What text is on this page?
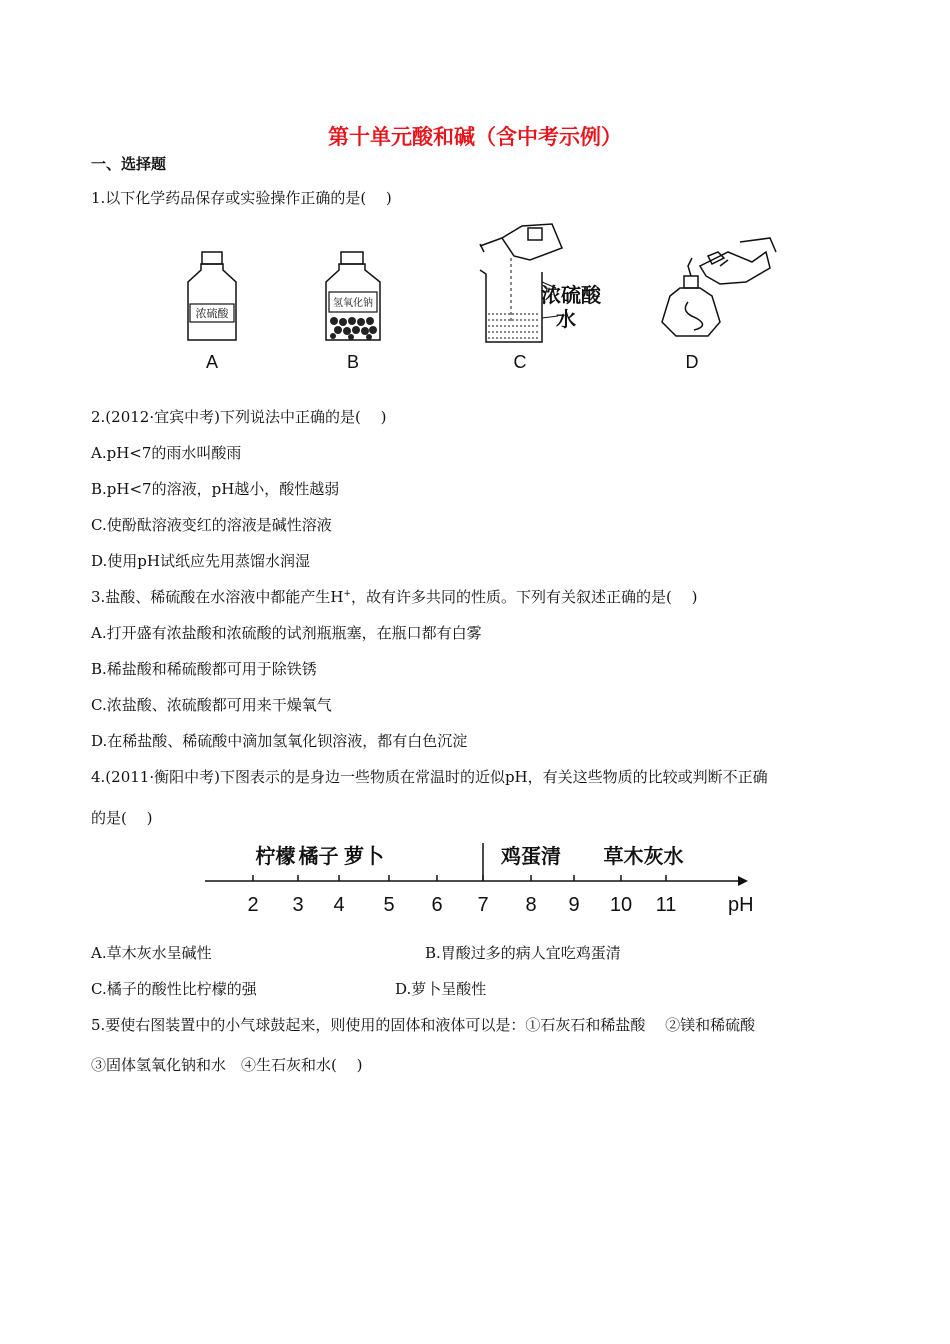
第十单元酸和碱（含中考示例）
一、选择题
1.以下化学药品保存或实验操作正确的是(　 )
浓硫酸
A
氢氧化钠
B
浓硫酸
水
C	D
2.(2012·宜宾中考)下列说法中正确的是(　 )
A.pH<7的雨水叫酸雨
B.pH<7的溶液，pH越小，酸性越弱
C.使酚酞溶液变红的溶液是碱性溶液
D.使用pH试纸应先用蒸馏水润湿
3.盐酸、稀硫酸在水溶液中都能产生H+，故有许多共同的性质。下列有关叙述正确的是(　 )
A.打开盛有浓盐酸和浓硫酸的试剂瓶瓶塞，在瓶口都有白雾
B.稀盐酸和稀硫酸都可用于除铁锈
C.浓盐酸、浓硫酸都可用来干燥氧气
D.在稀盐酸、稀硫酸中滴加氢氧化钡溶液，都有白色沉淀
4.(2011·衡阳中考)下图表示的是身边一些物质在常温时的近似pH，有关这些物质的比较或判断不正确
的是(　 )
2 3 4 5 6 7 8 9 10 11
柠檬 橘子 萝卜	鸡蛋清 草木灰水
pH
A.草木灰水呈碱性	B.胃酸过多的病人宜吃鸡蛋清
C.橘子的酸性比柠檬的强	D.萝卜呈酸性
5.要使右图装置中的小气球鼓起来，则使用的固体和液体可以是：①石灰石和稀盐酸　 ②镁和稀硫酸
③固体氢氧化钠和水　④生石灰和水(　 )
